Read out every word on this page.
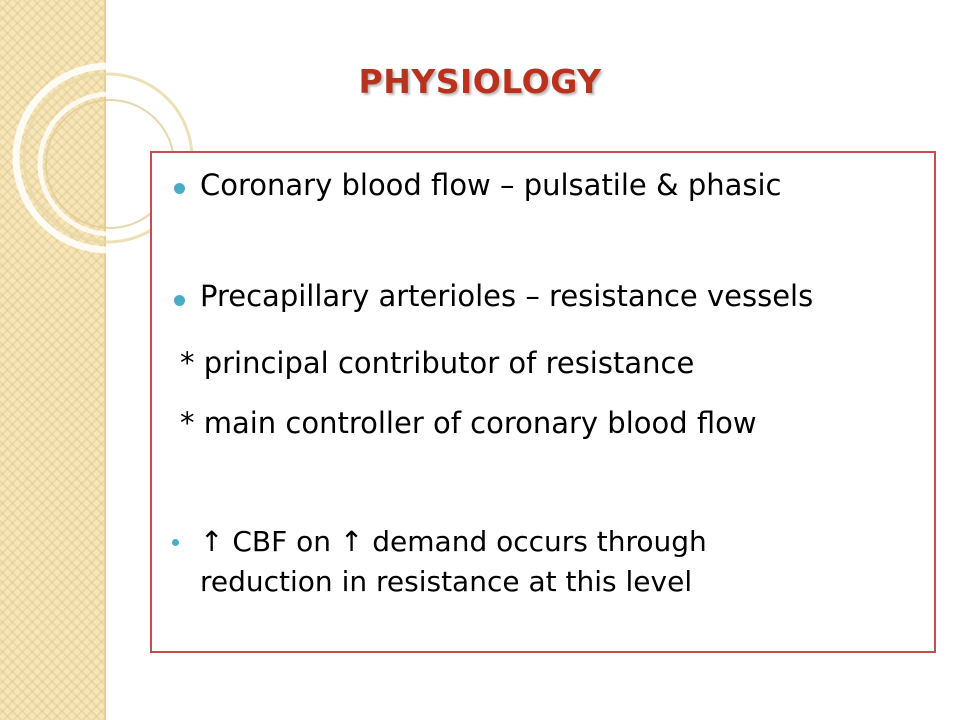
PHYSIOLOGY

Coronary blood flow – pulsatile & phasic

Precapillary arterioles – resistance vessels

* principal contributor of resistance

* main controller of coronary blood flow

↑ CBF on ↑ demand occurs through reduction in resistance at this level
